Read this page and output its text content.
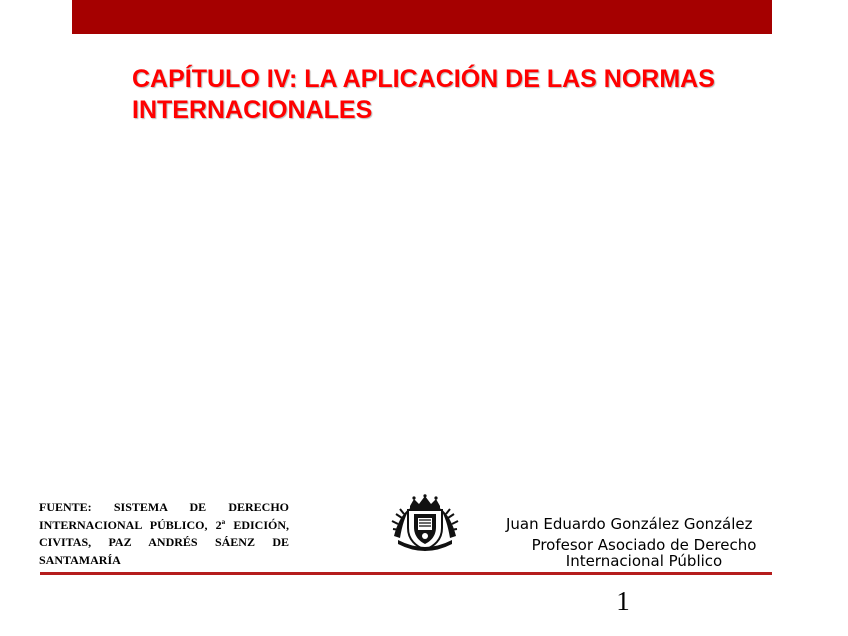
CAPÍTULO IV: LA APLICACIÓN DE LAS NORMAS INTERNACIONALES

FUENTE: SISTEMA DE DERECHO INTERNACIONAL PÚBLICO, 2ª EDICIÓN, CIVITAS, PAZ ANDRÉS SÁENZ DE SANTAMARÍA

Juan Eduardo González González
Profesor Asociado de Derecho Internacional Público
1
